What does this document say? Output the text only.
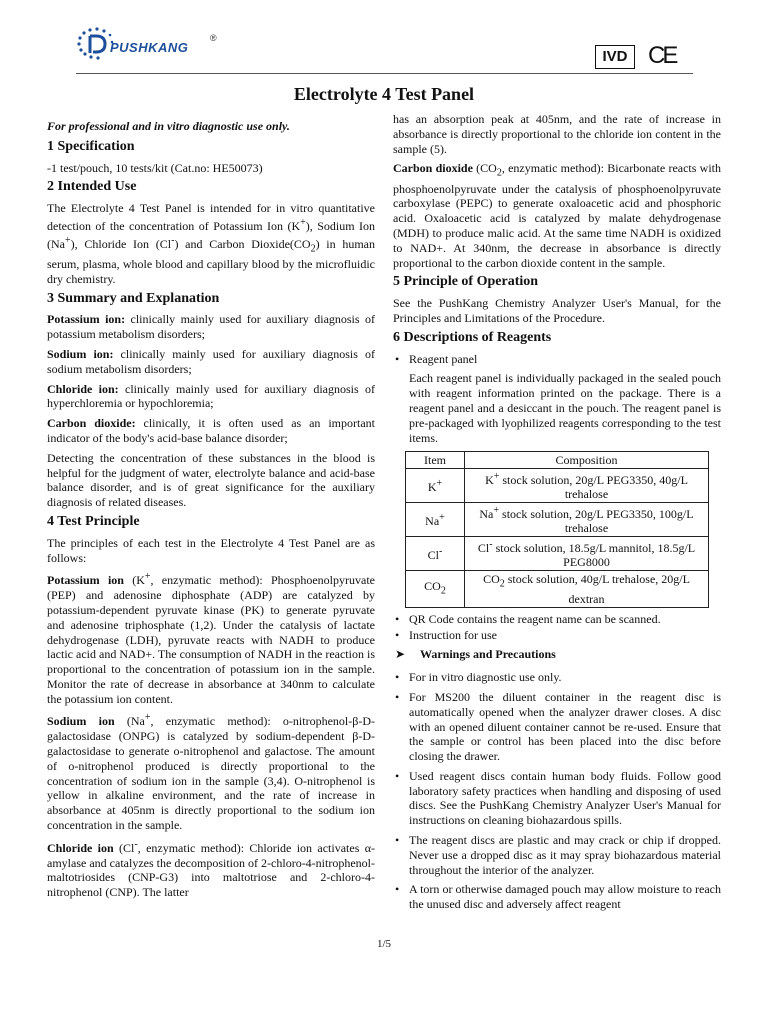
PUSHKANG
®
IVD CE
Electrolyte 4 Test Panel

For professional and in vitro diagnostic use only.

1 Specification

-1 test/pouch, 10 tests/kit (Cat.no: HE50073)

2 Intended Use

The Electrolyte 4 Test Panel is intended for in vitro quantitative detection of the concentration of Potassium Ion (K+), Sodium Ion (Na+), Chloride Ion (Cl-) and Carbon $Dioxide(CO_2)$ in human serum, plasma, whole blood and capillary blood by the microfluidic dry chemistry.

3 Summary and Explanation

Potassium ion: clinically mainly used for auxiliary diagnosis of potassium metabolism disorders;

Sodium ion: clinically mainly used for auxiliary diagnosis of sodium metabolism disorders;

Chloride ion: clinically mainly used for auxiliary diagnosis of hyperchloremia or hypochloremia;

Carbon dioxide: clinically, it is often used as an important indicator of the body's acid-base balance disorder;

Detecting the concentration of these substances in the blood is helpful for the judgment of water, electrolyte balance and acid-base balance disorder, and is of great significance for the auxiliary diagnosis of related diseases.

4 Test Principle

The principles of each test in the Electrolyte 4 Test Panel are as follows:

Potassium ion (K+, enzymatic method): Phosphoenolpyruvate (PEP) and adenosine diphosphate (ADP) are catalyzed by potassium-dependent pyruvate kinase (PK) to generate pyruvate and adenosine triphosphate (1,2). Under the catalysis of lactate dehydrogenase (LDH), pyruvate reacts with NADH to produce lactic acid and NAD+. The consumption of NADH in the reaction is proportional to the concentration of potassium ion in the sample. Monitor the rate of decrease in absorbance at 340nm to calculate the potassium ion content.

Sodium ion (Na+, enzymatic method): o-nitrophenol-β-D-galactosidase (ONPG) is catalyzed by sodium-dependent β-D-galactosidase to generate o-nitrophenol and galactose. The amount of o-nitrophenol produced is directly proportional to the concentration of sodium ion in the sample (3,4). O-nitrophenol is yellow in alkaline environment, and the rate of increase in absorbance at 405nm is directly proportional to the sodium ion concentration in the sample.

Chloride ion (Cl-, enzymatic method): Chloride ion activates α-amylase and catalyzes the decomposition of 2-chloro-4-nitrophenol-maltotriosides (CNP-G3) into maltotriose and 2-chloro-4-nitrophenol (CNP). The latter

has an absorption peak at 405nm, and the rate of increase in absorbance is directly proportional to the chloride ion content in the sample (5).

Carbon dioxide ($CO_2$, enzymatic method): Bicarbonate reacts with phosphoenolpyruvate under the catalysis of phosphoenolpyruvate carboxylase (PEPC) to generate oxaloacetic acid and phosphoric acid. Oxaloacetic acid is catalyzed by malate dehydrogenase (MDH) to produce malic acid. At the same time NADH is oxidized to NAD+. At 340nm, the decrease in absorbance is directly proportional to the carbon dioxide content in the sample.

5 Principle of Operation

See the PushKang Chemistry Analyzer User's Manual, for the Principles and Limitations of the Procedure.

6 Descriptions of Reagents
• Reagent panel

Each reagent panel is individually packaged in the sealed pouch with reagent information printed on the package. There is a reagent panel and a desiccant in the pouch. The reagent panel is pre-packaged with lyophilized reagents corresponding to the test items.

Item	Composition
K+	K+ stock solution, 20g/L PEG3350, 40g/L trehalose
Na+	Na+ stock solution, 20g/L PEG3350, 100g/L trehalose
Cl-	Cl- stock solution, 18.5g/L mannitol, 18.5g/L PEG8000
$CO_2$	$CO_2$ stock solution, 40g/L trehalose, 20g/L dextran
• QR Code contains the reagent name can be scanned.
• Instruction for use
➤ Warnings and Precautions
• For in vitro diagnostic use only.
• For MS200 the diluent container in the reagent disc is automatically opened when the analyzer drawer closes. A disc with an opened diluent container cannot be re-used. Ensure that the sample or control has been placed into the disc before closing the drawer.
• Used reagent discs contain human body fluids. Follow good laboratory safety practices when handling and disposing of used discs. See the PushKang Chemistry Analyzer User's Manual for instructions on cleaning biohazardous spills.
• The reagent discs are plastic and may crack or chip if dropped. Never use a dropped disc as it may spray biohazardous material throughout the interior of the analyzer.
• A torn or otherwise damaged pouch may allow moisture to reach the unused disc and adversely affect reagent
1/5
